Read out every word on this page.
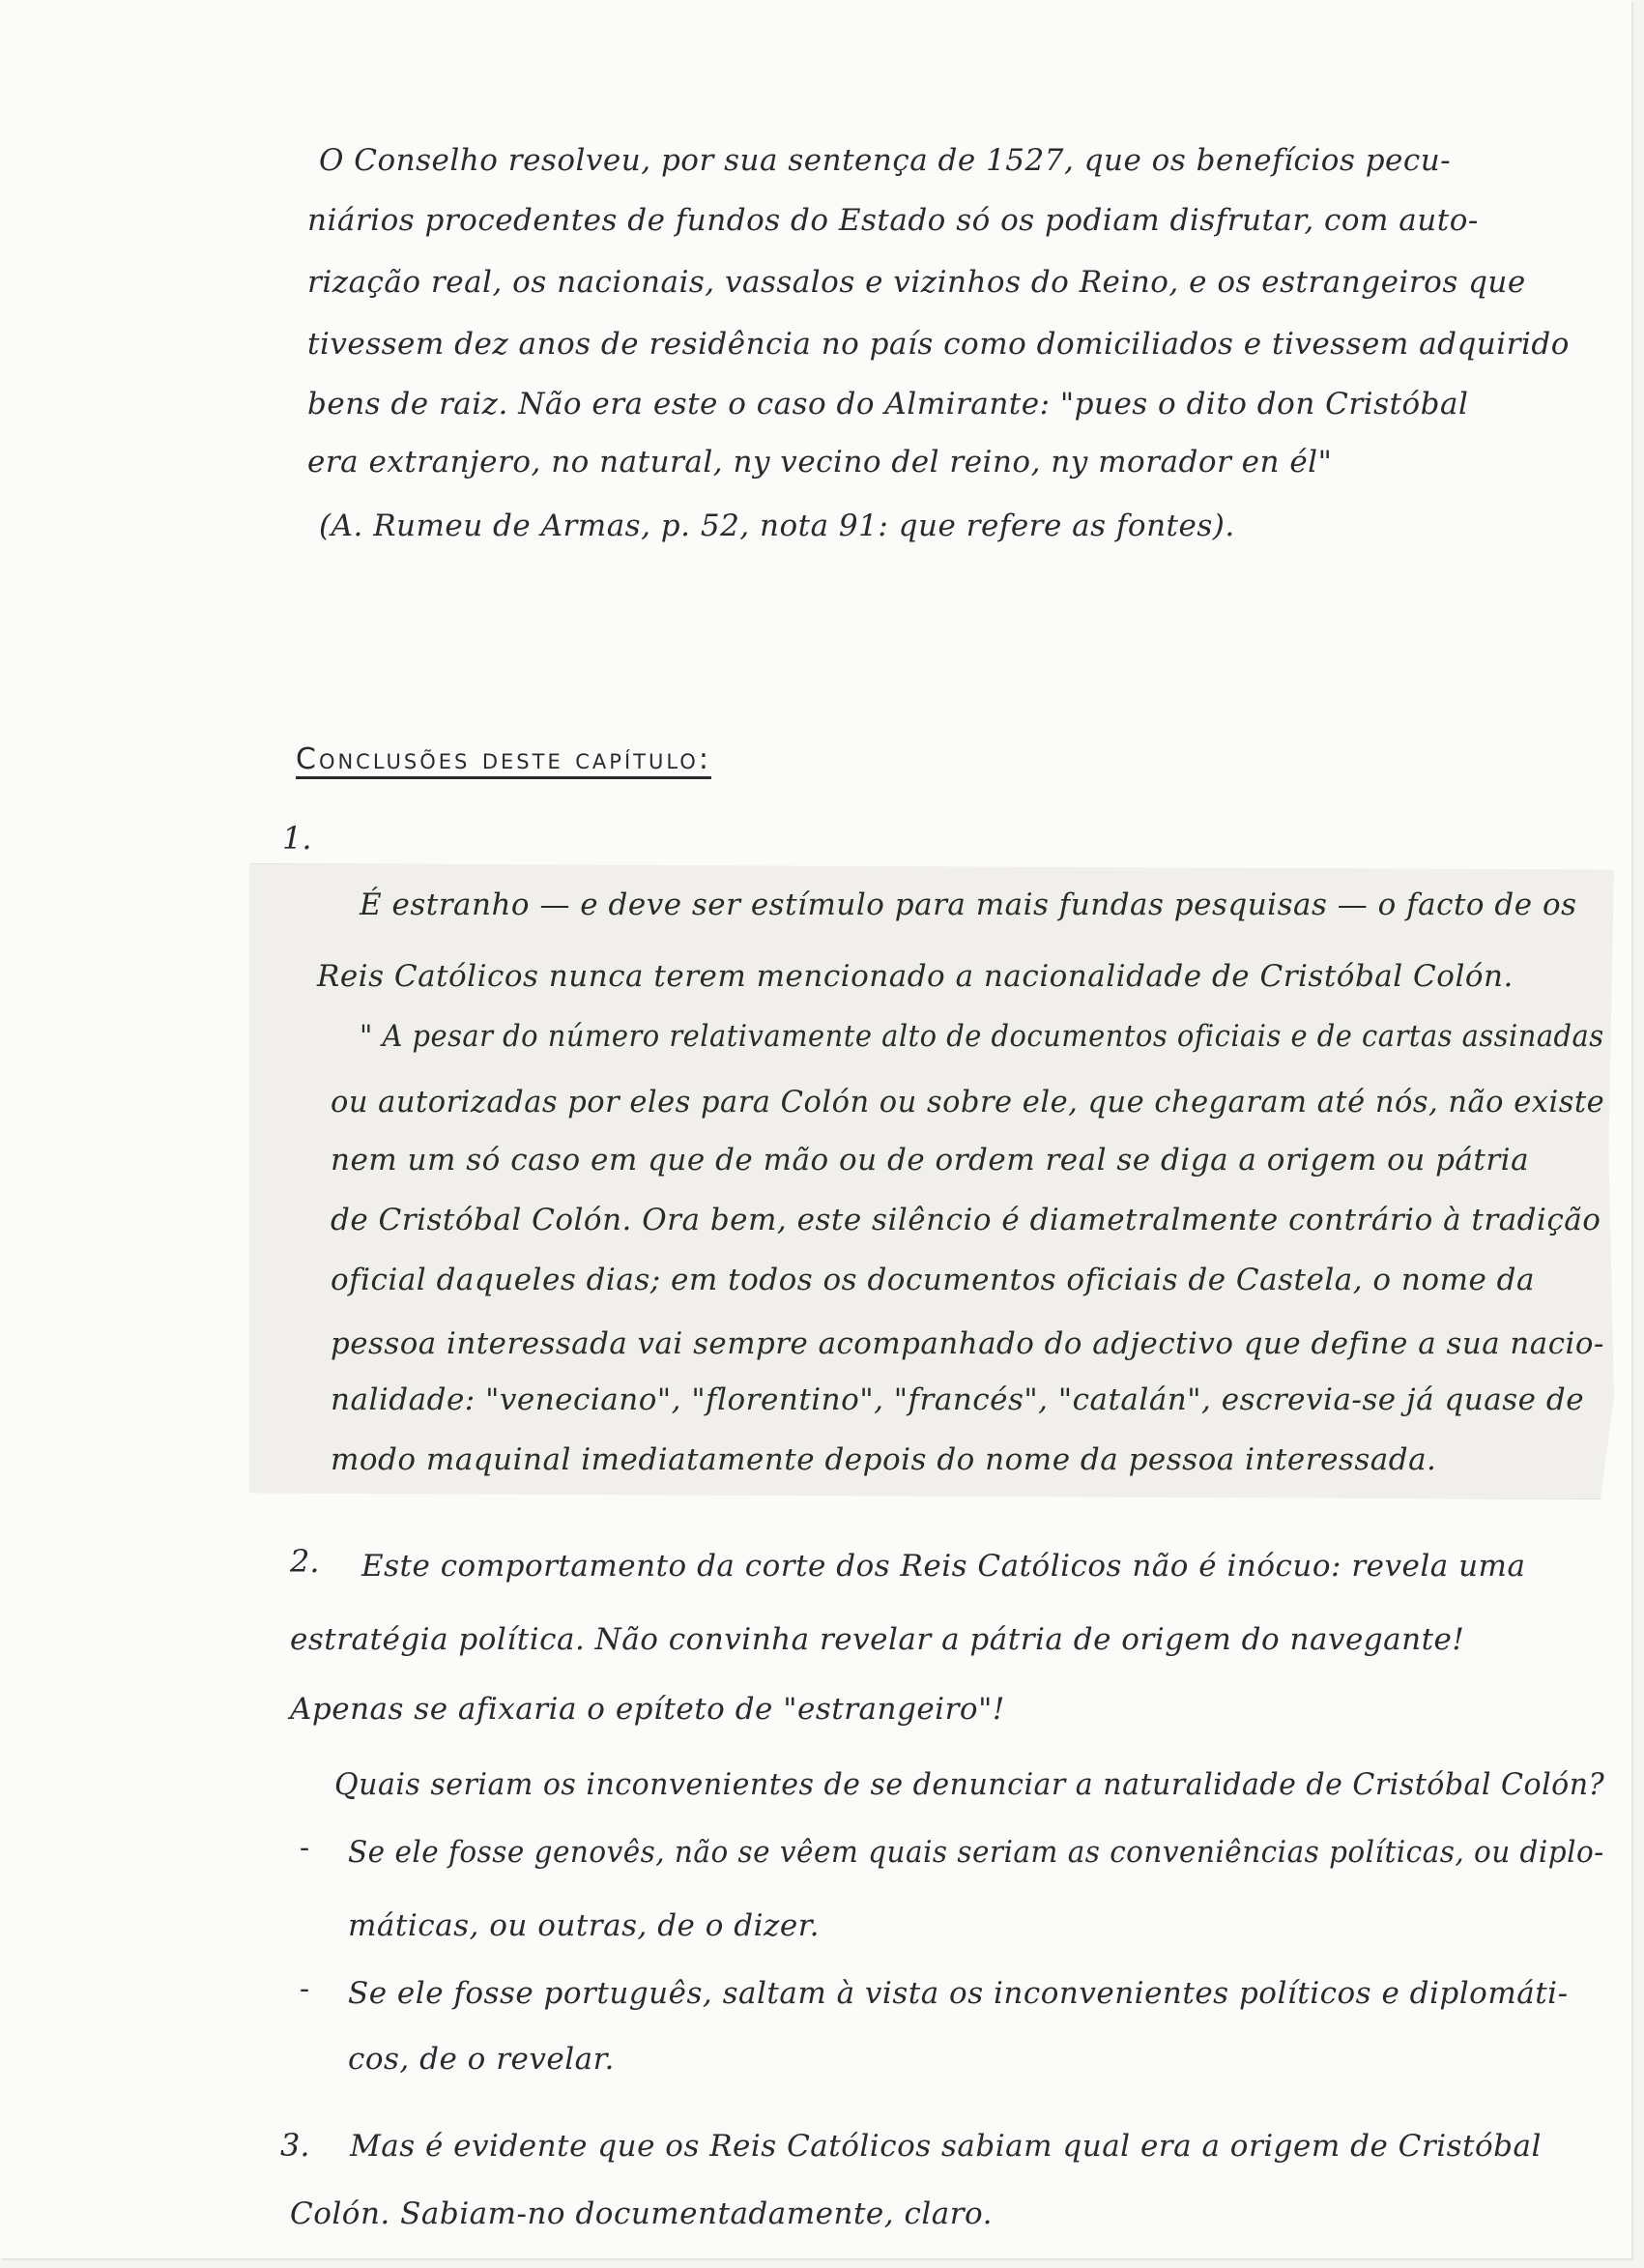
O Conselho resolveu, por sua sentença de 1527, que os benefícios pecu-
niários procedentes de fundos do Estado só os podiam disfrutar, com auto-
rização real, os nacionais, vassalos e vizinhos do Reino, e os estrangeiros que
tivessem dez anos de residência no país como domiciliados e tivessem adquirido
bens de raiz. Não era este o caso do Almirante: "pues o dito don Cristóbal
era extranjero, no natural, ny vecino del reino, ny morador en él"
(A. Rumeu de Armas, p. 52, nota 91: que refere as fontes).
Conclusões deste capítulo:
1.
É estranho — e deve ser estímulo para mais fundas pesquisas — o facto de os
Reis Católicos nunca terem mencionado a nacionalidade de Cristóbal Colón.
" A pesar do número relativamente alto de documentos oficiais e de cartas assinadas
ou autorizadas por eles para Colón ou sobre ele, que chegaram até nós, não existe
nem um só caso em que de mão ou de ordem real se diga a origem ou pátria
de Cristóbal Colón. Ora bem, este silêncio é diametralmente contrário à tradição
oficial daqueles dias; em todos os documentos oficiais de Castela, o nome da
pessoa interessada vai sempre acompanhado do adjectivo que define a sua nacio-
nalidade: "veneciano", "florentino", "francés", "catalán", escrevia-se já quase de
modo maquinal imediatamente depois do nome da pessoa interessada.
2. Este comportamento da corte dos Reis Católicos não é inócuo: revela uma
estratégia política. Não convinha revelar a pátria de origem do navegante!
Apenas se afixaria o epíteto de "estrangeiro"!
Quais seriam os inconvenientes de se denunciar a naturalidade de Cristóbal Colón?
- Se ele fosse genovês, não se vêem quais seriam as conveniências políticas, ou diplo-
máticas, ou outras, de o dizer.
- Se ele fosse português, saltam à vista os inconvenientes políticos e diplomáti-
cos, de o revelar.
3. Mas é evidente que os Reis Católicos sabiam qual era a origem de Cristóbal
Colón. Sabiam-no documentadamente, claro.
